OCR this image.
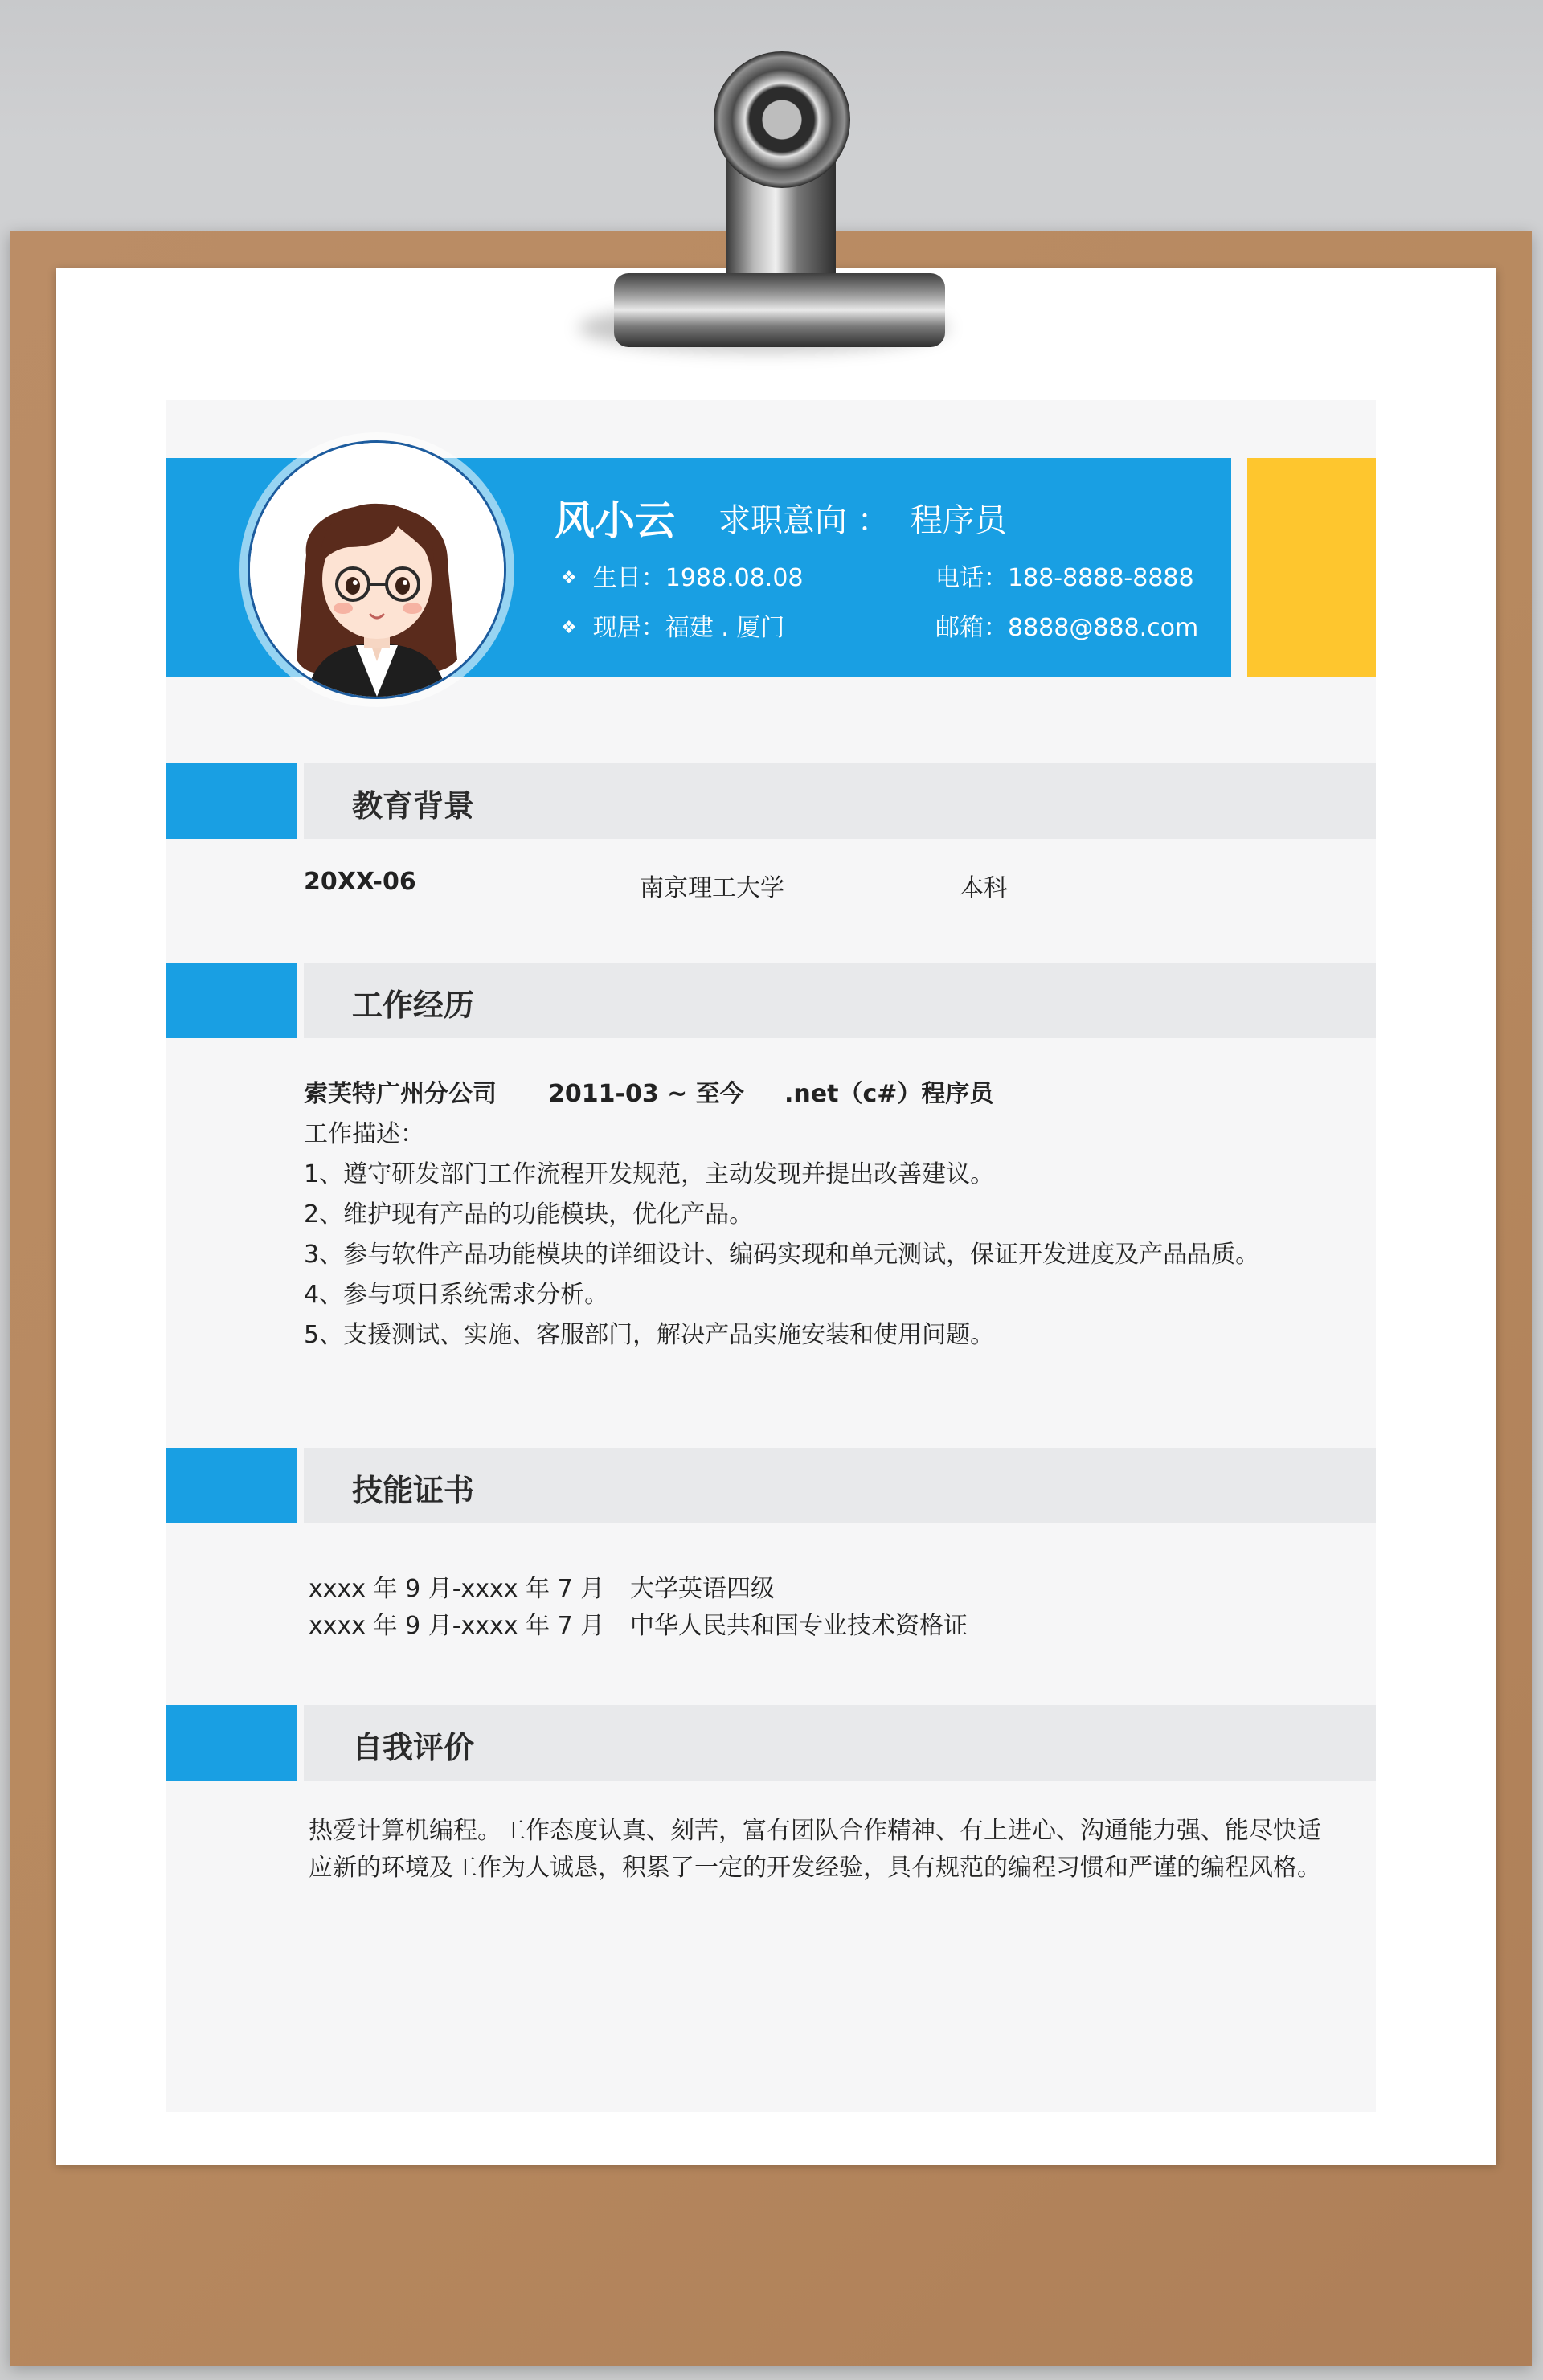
风小云 求职意向 ： 程序员
❖ 生日：1988.08.08
❖ 现居：福建 . 厦门
电话：188-8888-8888
邮箱：8888@888.com
教育背景
20XX-06	南京理工大学	本科
工作经历
索芙特广州分公司 2011-03 ~ 至今 .net（c#）程序员
工作描述：
1、遵守研发部门工作流程开发规范，主动发现并提出改善建议。
2、维护现有产品的功能模块，优化产品。
3、参与软件产品功能模块的详细设计、编码实现和单元测试，保证开发进度及产品品质。
4、参与项目系统需求分析。
5、支援测试、实施、客服部门，解决产品实施安装和使用问题。
技能证书
xxxx 年 9 月-xxxx 年 7 月 大学英语四级
xxxx 年 9 月-xxxx 年 7 月 中华人民共和国专业技术资格证
自我评价
热爱计算机编程。工作态度认真、刻苦，富有团队合作精神、有上进心、沟通能力强、能尽快适应新的环境及工作为人诚恳，积累了一定的开发经验，具有规范的编程习惯和严谨的编程风格。
